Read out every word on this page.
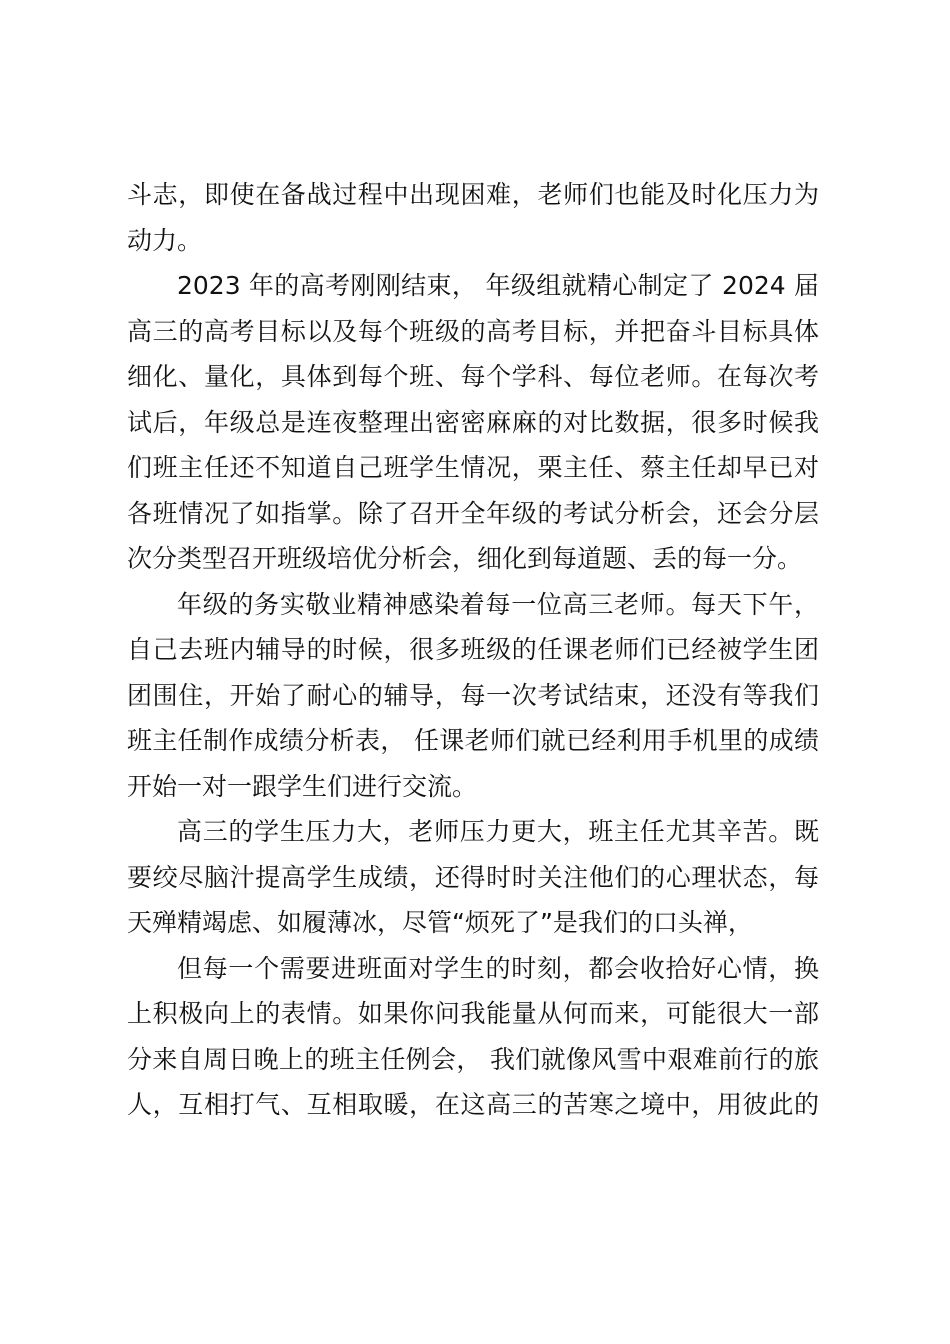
斗志，即使在备战过程中出现困难，老师们也能及时化压力为
动力。
2023 年的高考刚刚结束， 年级组就精心制定了 2024 届
高三的高考目标以及每个班级的高考目标，并把奋斗目标具体
细化、量化，具体到每个班、每个学科、每位老师。在每次考
试后，年级总是连夜整理出密密麻麻的对比数据，很多时候我
们班主任还不知道自己班学生情况，栗主任、蔡主任却早已对
各班情况了如指掌。除了召开全年级的考试分析会，还会分层
次分类型召开班级培优分析会，细化到每道题、丢的每一分。
年级的务实敬业精神感染着每一位高三老师。每天下午，
自己去班内辅导的时候，很多班级的任课老师们已经被学生团
团围住，开始了耐心的辅导，每一次考试结束，还没有等我们
班主任制作成绩分析表， 任课老师们就已经利用手机里的成绩
开始一对一跟学生们进行交流。
高三的学生压力大，老师压力更大，班主任尤其辛苦。既
要绞尽脑汁提高学生成绩，还得时时关注他们的心理状态，每
天殚精竭虑、如履薄冰，尽管“烦死了”是我们的口头禅，
但每一个需要进班面对学生的时刻，都会收拾好心情，换
上积极向上的表情。如果你问我能量从何而来，可能很大一部
分来自周日晚上的班主任例会， 我们就像风雪中艰难前行的旅
人，互相打气、互相取暖，在这高三的苦寒之境中，用彼此的
